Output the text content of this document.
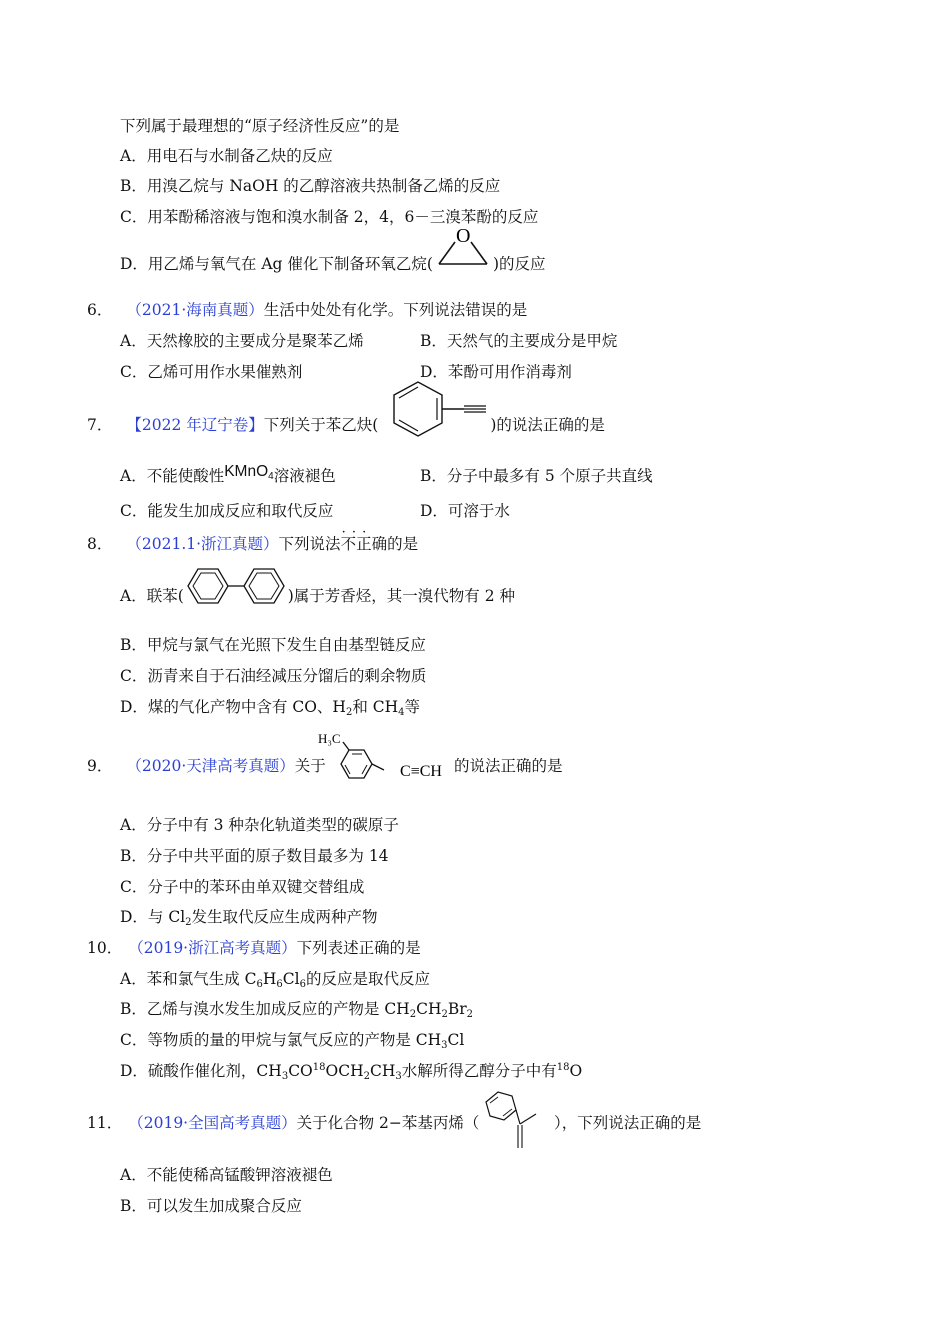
下列属于最理想的“原子经济性反应”的是
A．用电石与水制备乙炔的反应
B．用溴乙烷与 NaOH 的乙醇溶液共热制备乙烯的反应
C．用苯酚稀溶液与饱和溴水制备 2，4，6－三溴苯酚的反应
D．用乙烯与氧气在 Ag 催化下制备环氧乙烷(
O
)的反应
6． （2021·海南真题）生活中处处有化学。下列说法错误的是
A．天然橡胶的主要成分是聚苯乙烯	B．天然气的主要成分是甲烷
C．乙烯可用作水果催熟剂	D．苯酚可用作消毒剂
7． 【2022 年辽宁卷】下列关于苯乙炔(	)的说法正确的是
A．不能使酸性KMnO$_4$溶液褪色	B．分子中最多有 5 个原子共直线
C．能发生加成反应和取代反应	D．可溶于水
8． （2021.1·浙江真题）下列说法· · · 不正确的是
A．联苯(	)属于芳香烃，其一溴代物有 2 种
B．甲烷与氯气在光照下发生自由基型链反应
C．沥青来自于石油经减压分馏后的剩余物质
D．煤的气化产物中含有 CO、$H_2$和 $CH_4$等
9． （2020·天津高考真题）关于
H₃C
C≡CH 的说法正确的是
A．分子中有 3 种杂化轨道类型的碳原子
B．分子中共平面的原子数目最多为 14
C．分子中的苯环由单双键交替组成
D．与 $Cl_2$发生取代反应生成两种产物
10． （2019·浙江高考真题）下列表述正确的是
A．苯和氯气生成 $C_6H_6Cl_6$的反应是取代反应
B．乙烯与溴水发生加成反应的产物是 $CH_2CH_2Br_2$
C．等物质的量的甲烷与氯气反应的产物是 $CH_3Cl$
D．硫酸作催化剂，$CH_3CO^{18}OCH_2CH_3$水解所得乙醇分子中有$^{18}$O
11． （2019·全国高考真题）关于化合物 2−苯基丙烯（	），下列说法正确的是
A．不能使稀高锰酸钾溶液褪色
B．可以发生加成聚合反应
